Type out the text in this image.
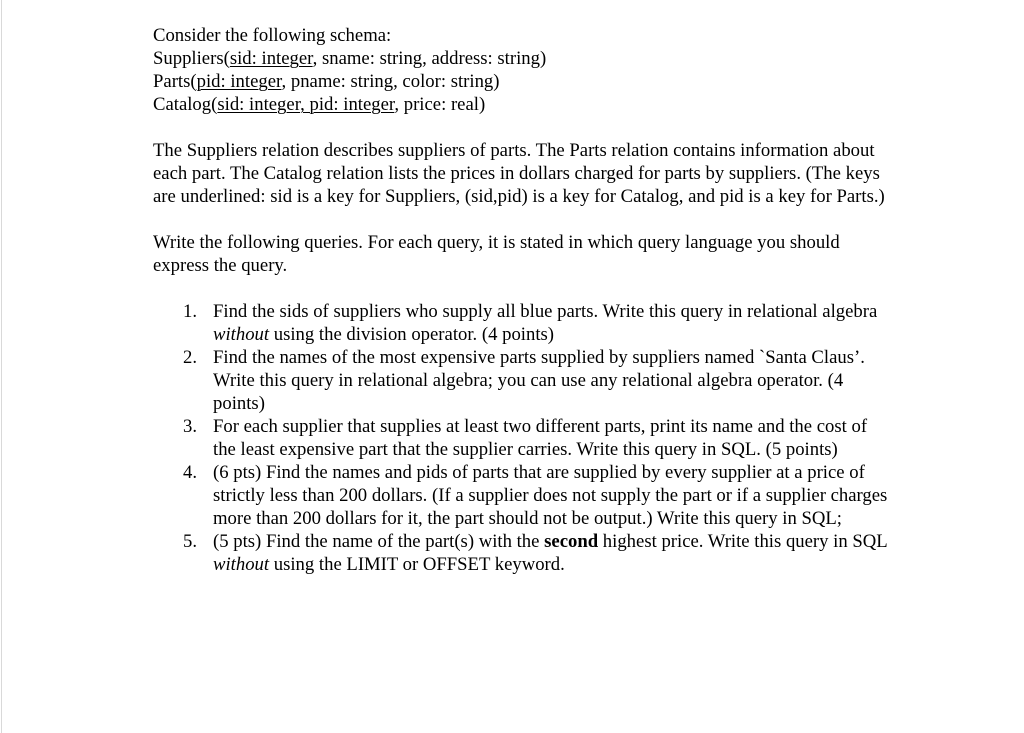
Consider the following schema:
Suppliers(sid: integer, sname: string, address: string)
Parts(pid: integer, pname: string, color: string)
Catalog(sid: integer, pid: integer, price: real)

The Suppliers relation describes suppliers of parts. The Parts relation contains information about each part. The Catalog relation lists the prices in dollars charged for parts by suppliers. (The keys are underlined: sid is a key for Suppliers, (sid,pid) is a key for Catalog, and pid is a key for Parts.)

Write the following queries. For each query, it is stated in which query language you should express the query.

1. Find the sids of suppliers who supply all blue parts. Write this query in relational algebra without using the division operator. (4 points)
2. Find the names of the most expensive parts supplied by suppliers named `Santa Claus’. Write this query in relational algebra; you can use any relational algebra operator. (4 points)
3. For each supplier that supplies at least two different parts, print its name and the cost of the least expensive part that the supplier carries. Write this query in SQL. (5 points)
4. (6 pts) Find the names and pids of parts that are supplied by every supplier at a price of strictly less than 200 dollars. (If a supplier does not supply the part or if a supplier charges more than 200 dollars for it, the part should not be output.) Write this query in SQL;
5. (5 pts) Find the name of the part(s) with the second highest price. Write this query in SQL without using the LIMIT or OFFSET keyword.
